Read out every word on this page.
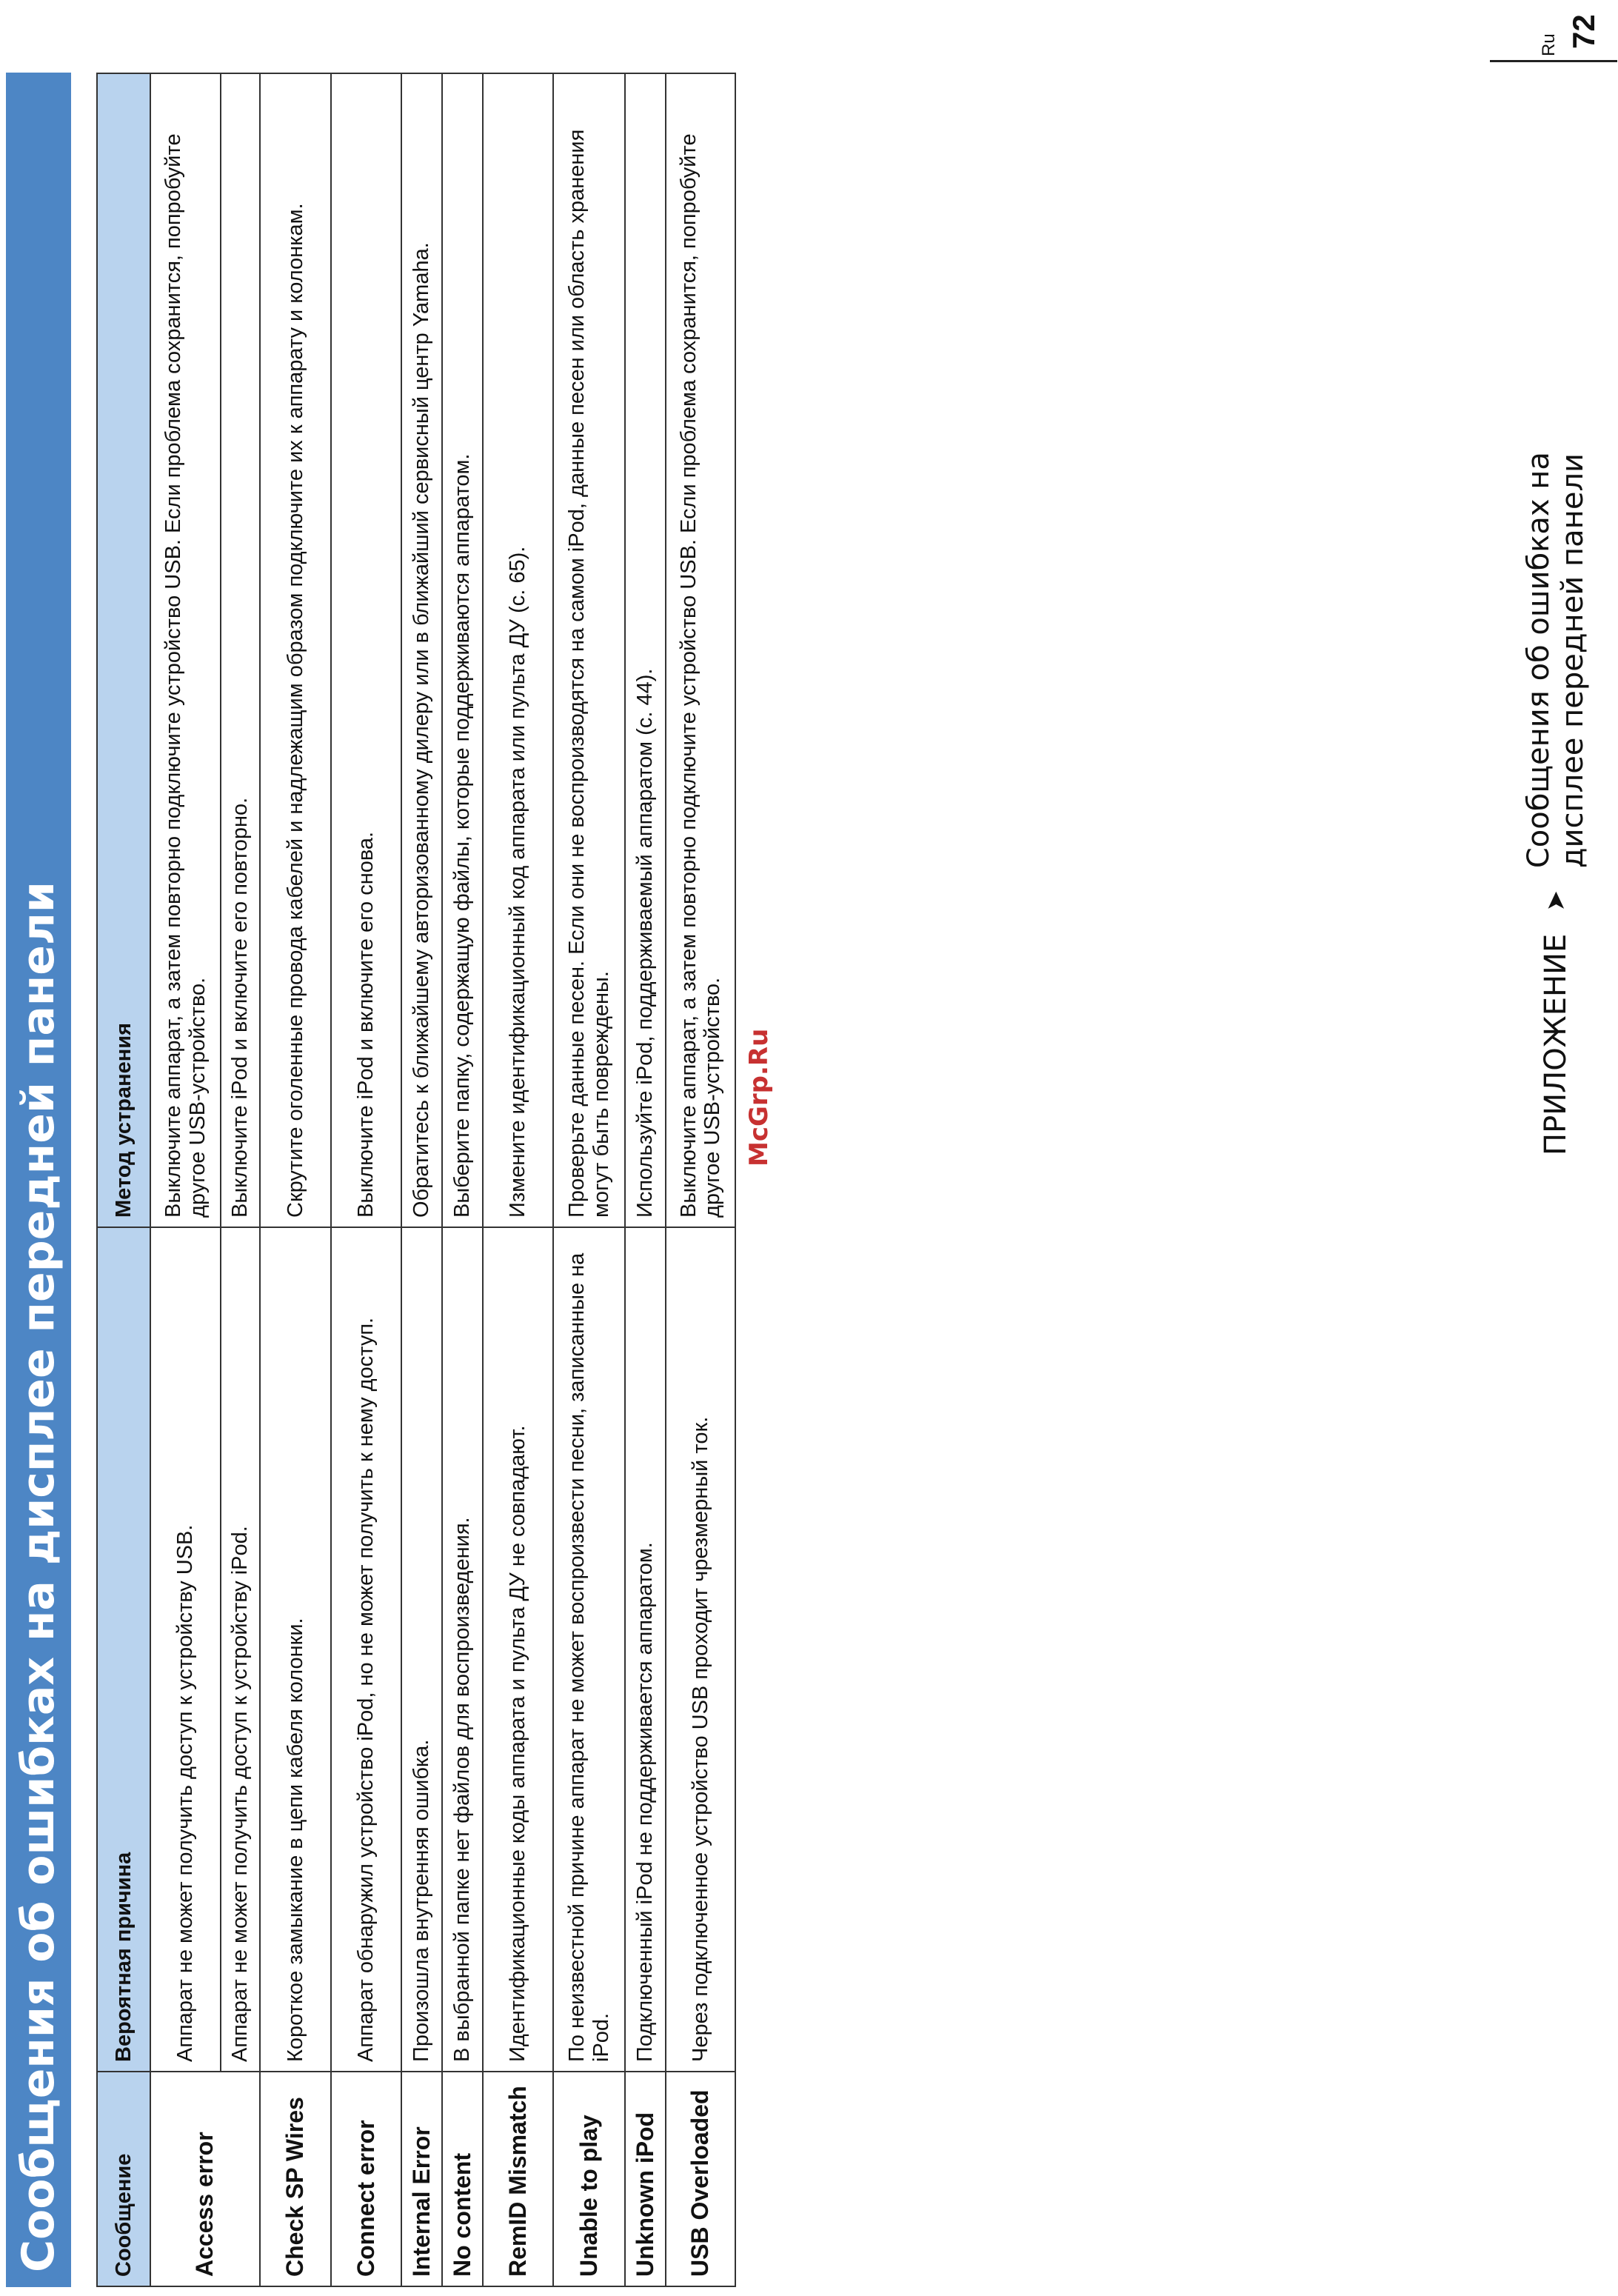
Сообщения об ошибках на дисплее передней панели	Сообщение	Вероятная причина	Метод устранения
Access error	Аппарат не может получить доступ к устройству USB.	Выключите аппарат, а затем повторно подключите устройство USB. Если проблема сохранится, попробуйте другое USB-устройство.
	Аппарат не может получить доступ к устройству iPod.	Выключите iPod и включите его повторно.
Check SP Wires	Короткое замыкание в цепи кабеля колонки.	Скрутите оголенные провода кабелей и надлежащим образом подключите их к аппарату и колонкам.
Connect error	Аппарат обнаружил устройство iPod, но не может получить к нему доступ.	Выключите iPod и включите его снова.
Internal Error	Произошла внутренняя ошибка.	Обратитесь к ближайшему авторизованному дилеру или в ближайший сервисный центр Yamaha.
No content	В выбранной папке нет файлов для воспроизведения.	Выберите папку, содержащую файлы, которые поддерживаются аппаратом.
RemID Mismatch	Идентификационные коды аппарата и пульта ДУ не совпадают.	Измените идентификационный код аппарата или пульта ДУ (с. 65).
Unable to play	По неизвестной причине аппарат не может воспроизвести песни, записанные на iPod.	Проверьте данные песен. Если они не воспроизводятся на самом iPod, данные песен или область хранения могут быть повреждены.
Unknown iPod	Подключенный iPod не поддерживается аппаратом.	Используйте iPod, поддерживаемый аппаратом (с. 44).
USB Overloaded	Через подключенное устройство USB проходит чрезмерный ток.	Выключите аппарат, а затем повторно подключите устройство USB. Если проблема сохранится, попробуйте другое USB-устройство. McGrp.Ru	ПРИЛОЖЕНИЕ
➤
Сообщения об ошибках на дисплее передней панели
Ru 72
